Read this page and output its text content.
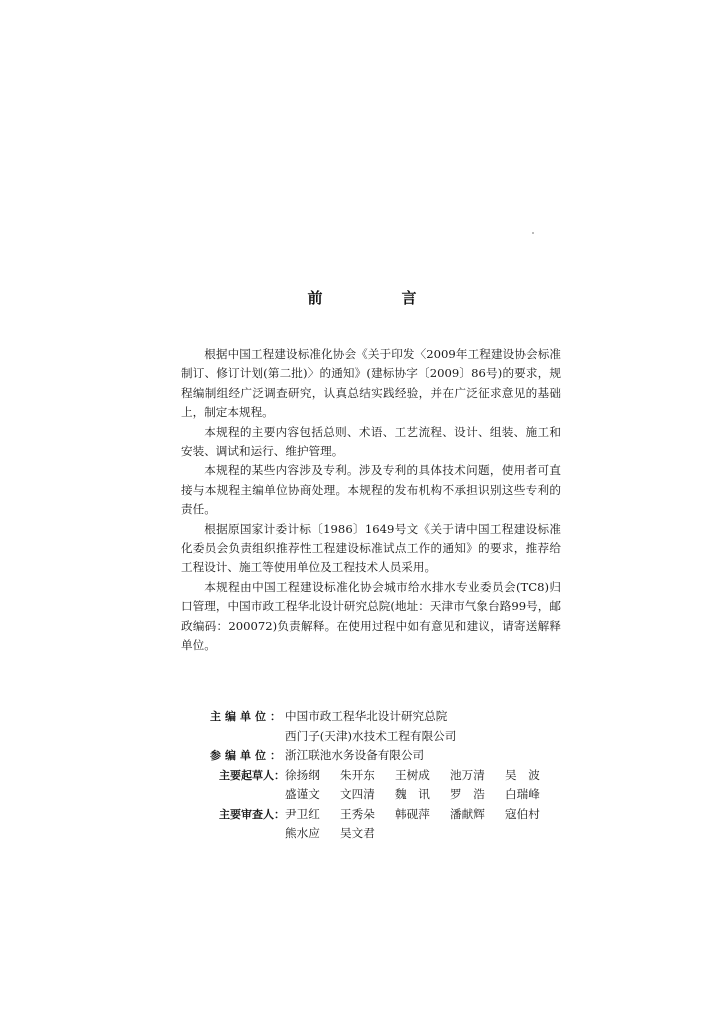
前　言

根据中国工程建设标准化协会《关于印发〈2009年工程建设协会标准制订、修订计划(第二批)〉的通知》(建标协字〔2009〕86号)的要求，规程编制组经广泛调查研究，认真总结实践经验，并在广泛征求意见的基础上，制定本规程。

本规程的主要内容包括总则、术语、工艺流程、设计、组装、施工和安装、调试和运行、维护管理。

本规程的某些内容涉及专利。涉及专利的具体技术问题，使用者可直接与本规程主编单位协商处理。本规程的发布机构不承担识别这些专利的责任。

根据原国家计委计标〔1986〕1649号文《关于请中国工程建设标准化委员会负责组织推荐性工程建设标准试点工作的通知》的要求，推荐给工程设计、施工等使用单位及工程技术人员采用。

本规程由中国工程建设标准化协会城市给水排水专业委员会(TC8)归口管理，中国市政工程华北设计研究总院(地址：天津市气象台路99号，邮政编码：200072)负责解释。在使用过程中如有意见和建议，请寄送解释单位。

主编单位： 中国市政工程华北设计研究总院
西门子(天津)水技术工程有限公司
参编单位： 浙江联池水务设备有限公司
主要起草人： 徐扬纲	朱开东	王树成	池万清	吴　波
盛谨文	文四清	魏　讯	罗　浩	白瑞峰
主要审查人： 尹卫红	王秀朵	韩砚萍	潘献辉	寇伯村
熊水应	吴文君
